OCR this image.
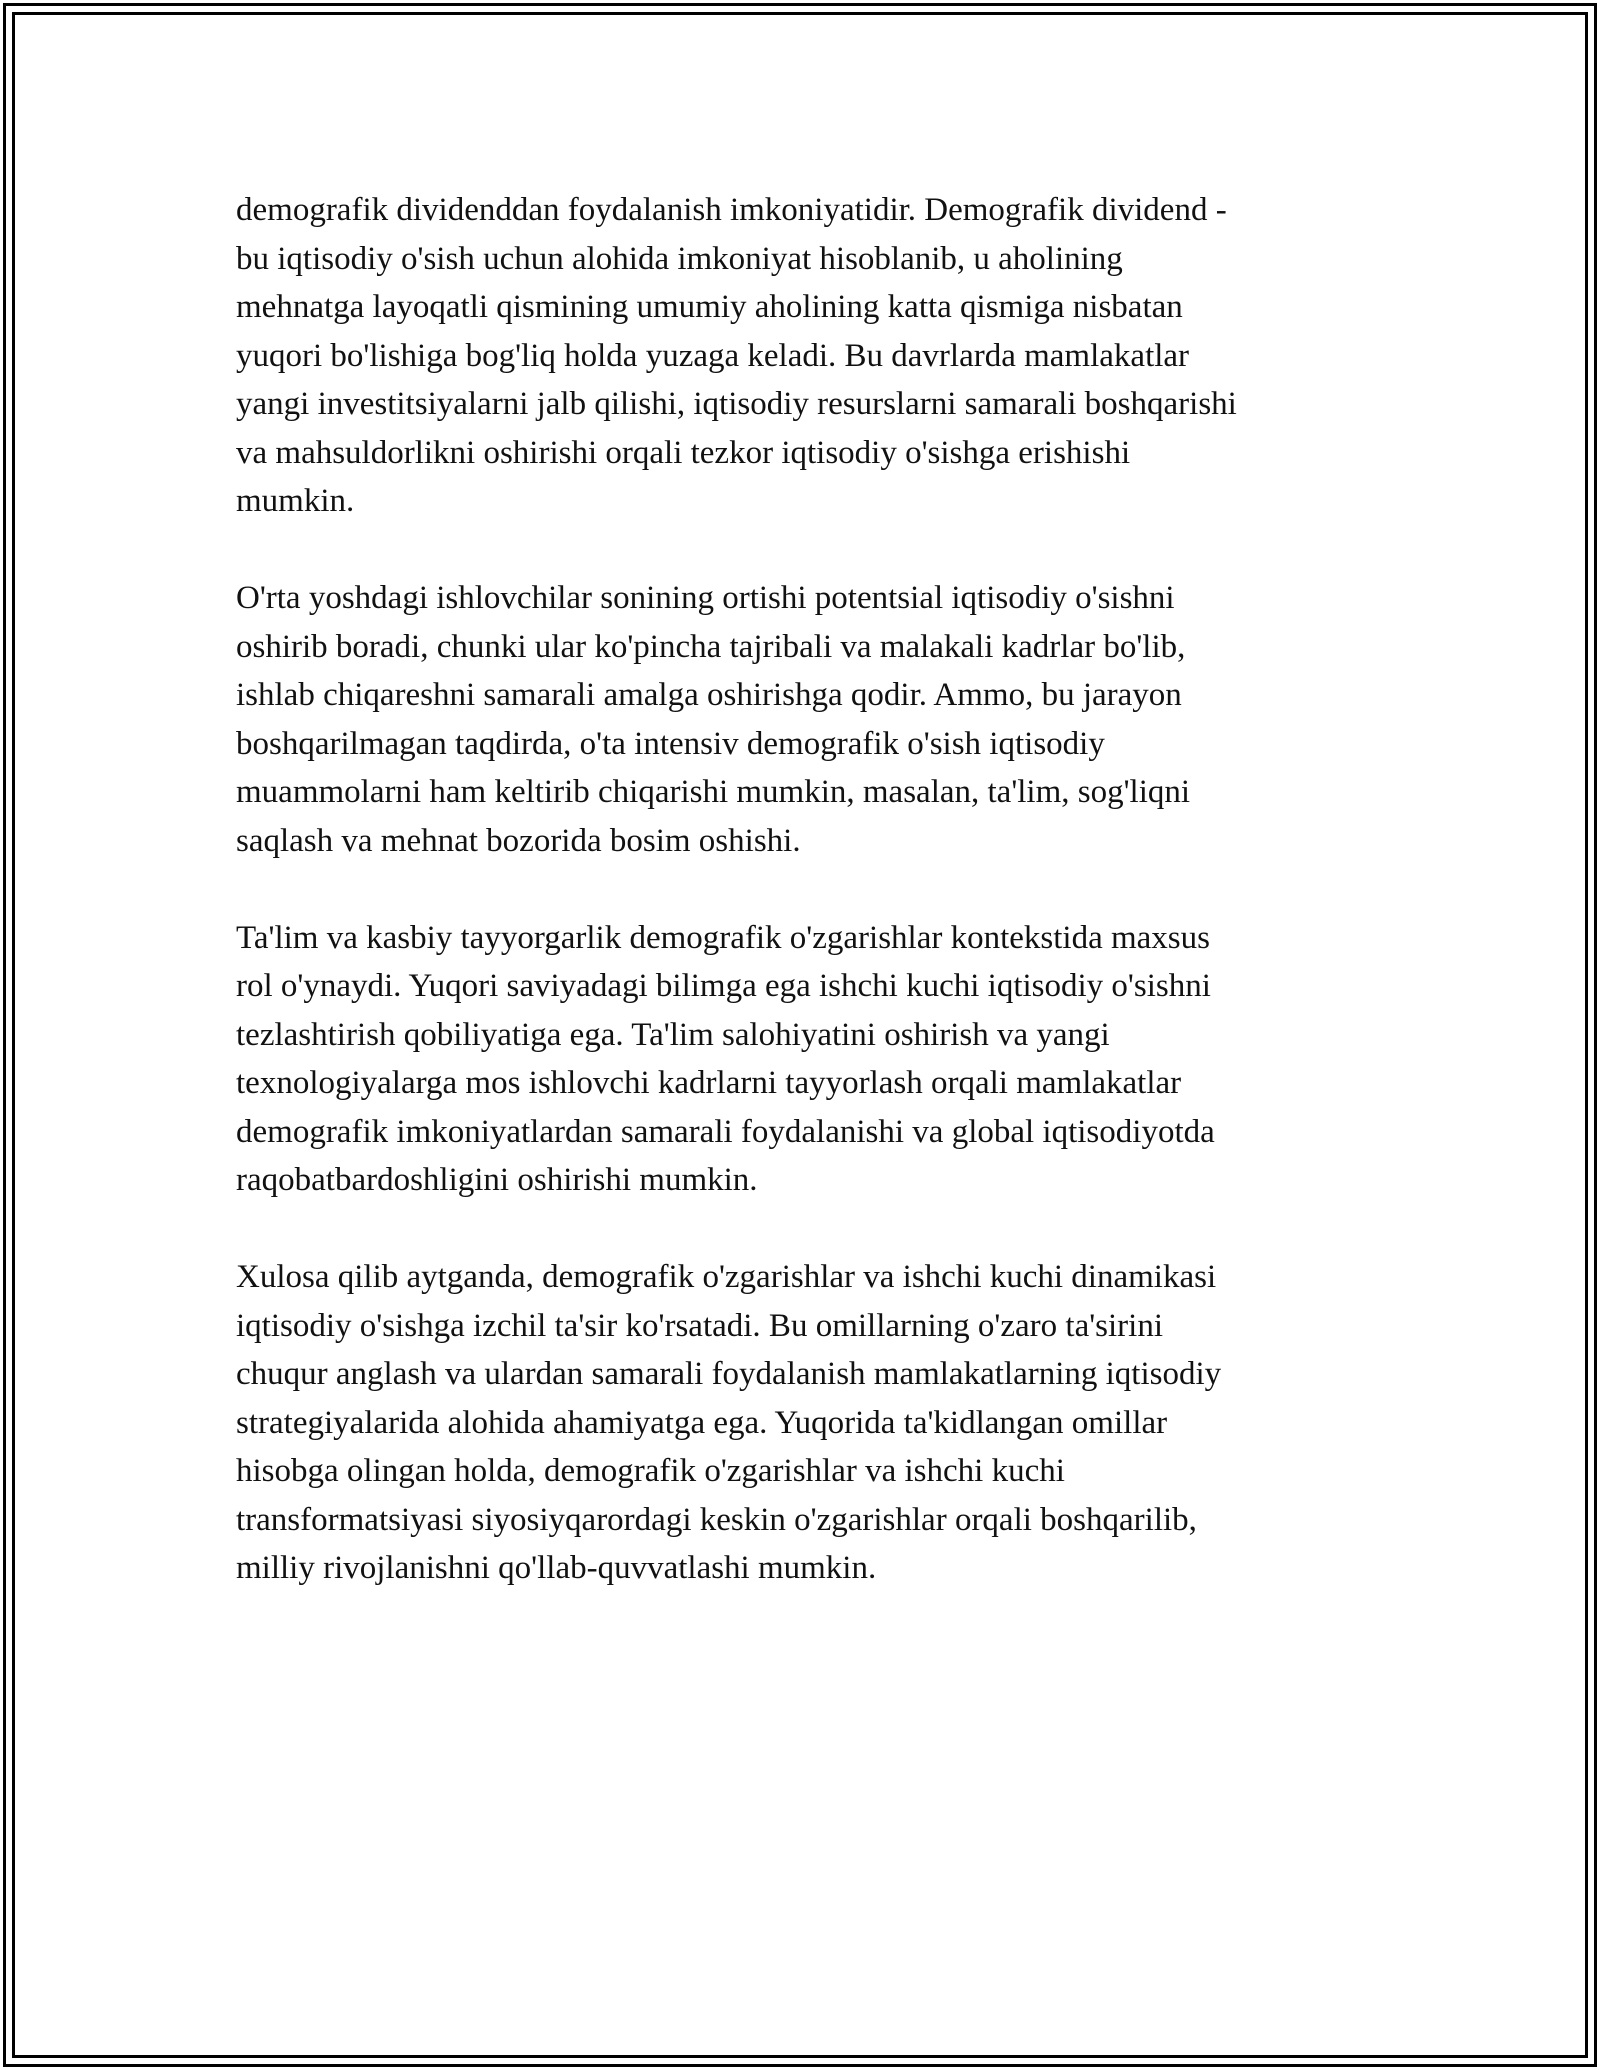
demografik dividenddan foydalanish imkoniyatidir. Demografik dividend -
bu iqtisodiy o'sish uchun alohida imkoniyat hisoblanib, u aholining
mehnatga layoqatli qismining umumiy aholining katta qismiga nisbatan
yuqori bo'lishiga bog'liq holda yuzaga keladi. Bu davrlarda mamlakatlar
yangi investitsiyalarni jalb qilishi, iqtisodiy resurslarni samarali boshqarishi
va mahsuldorlikni oshirishi orqali tezkor iqtisodiy o'sishga erishishi
mumkin.

O'rta yoshdagi ishlovchilar sonining ortishi potentsial iqtisodiy o'sishni
oshirib boradi, chunki ular ko'pincha tajribali va malakali kadrlar bo'lib,
ishlab chiqareshni samarali amalga oshirishga qodir. Ammo, bu jarayon
boshqarilmagan taqdirda, o'ta intensiv demografik o'sish iqtisodiy
muammolarni ham keltirib chiqarishi mumkin, masalan, ta'lim, sog'liqni
saqlash va mehnat bozorida bosim oshishi.

Ta'lim va kasbiy tayyorgarlik demografik o'zgarishlar kontekstida maxsus
rol o'ynaydi. Yuqori saviyadagi bilimga ega ishchi kuchi iqtisodiy o'sishni
tezlashtirish qobiliyatiga ega. Ta'lim salohiyatini oshirish va yangi
texnologiyalarga mos ishlovchi kadrlarni tayyorlash orqali mamlakatlar
demografik imkoniyatlardan samarali foydalanishi va global iqtisodiyotda
raqobatbardoshligini oshirishi mumkin.

Xulosa qilib aytganda, demografik o'zgarishlar va ishchi kuchi dinamikasi
iqtisodiy o'sishga izchil ta'sir ko'rsatadi. Bu omillarning o'zaro ta'sirini
chuqur anglash va ulardan samarali foydalanish mamlakatlarning iqtisodiy
strategiyalarida alohida ahamiyatga ega. Yuqorida ta'kidlangan omillar
hisobga olingan holda, demografik o'zgarishlar va ishchi kuchi
transformatsiyasi siyosiyqarordagi keskin o'zgarishlar orqali boshqarilib,
milliy rivojlanishni qo'llab-quvvatlashi mumkin.
